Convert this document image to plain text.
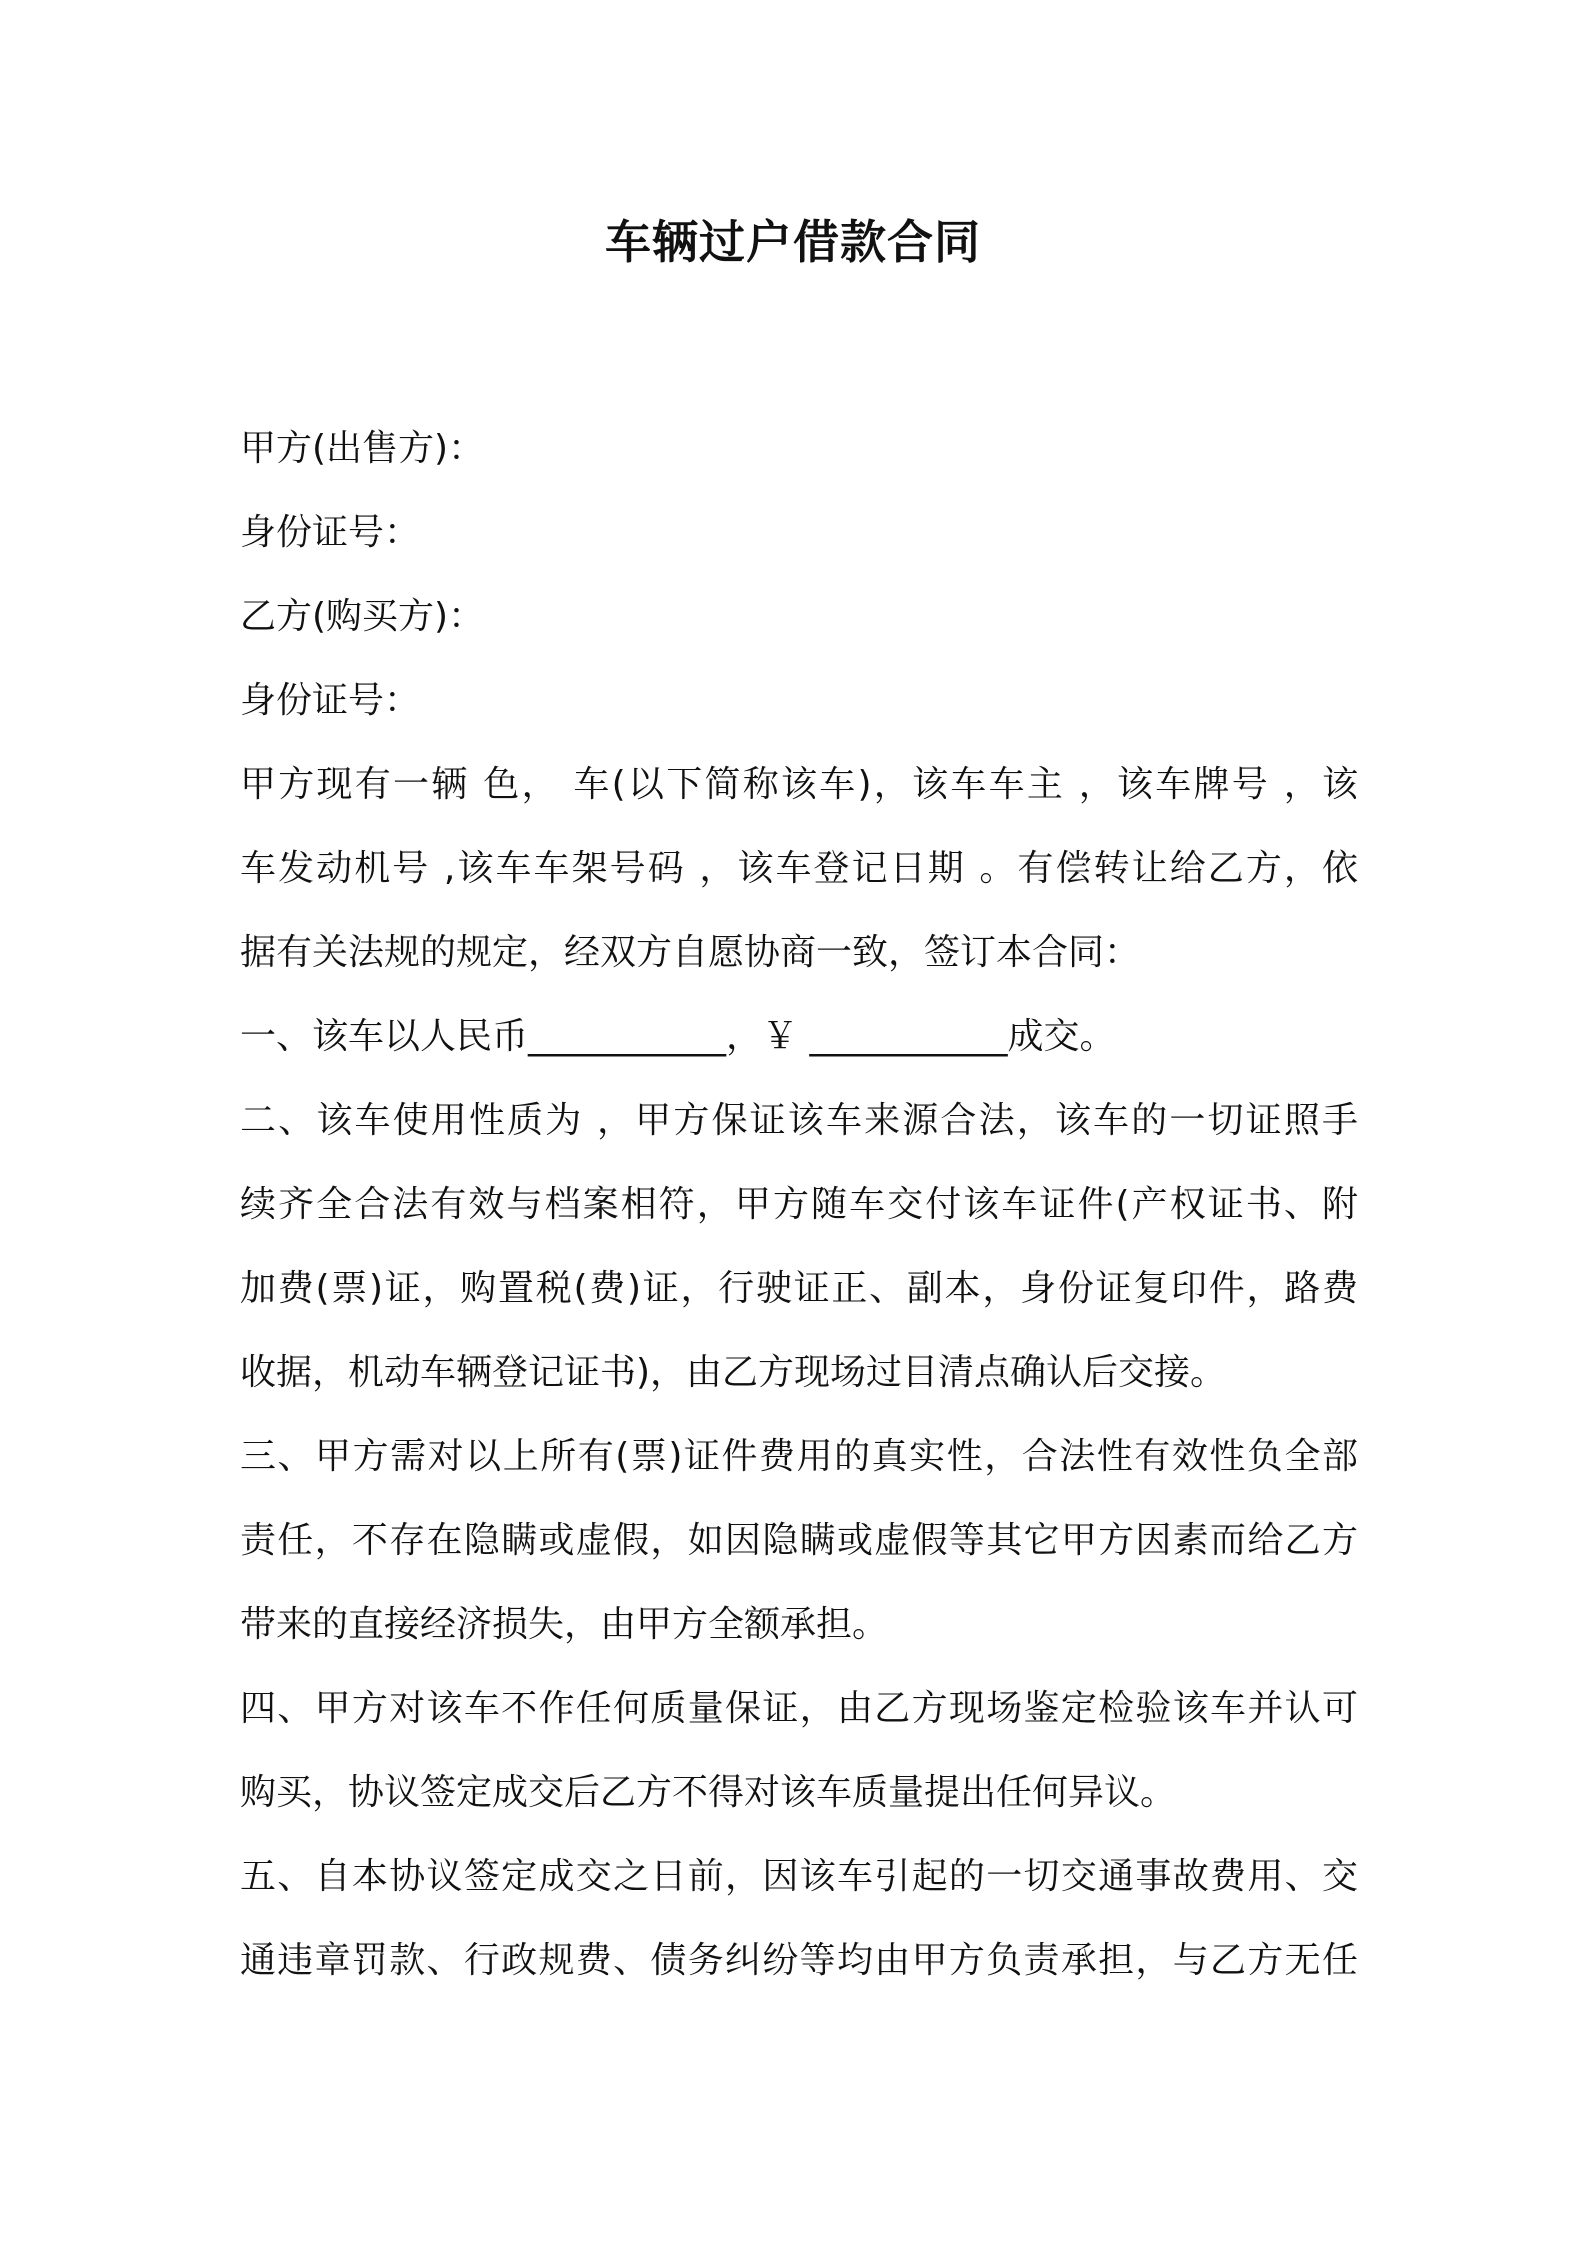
车辆过户借款合同
甲方(出售方)：
身份证号：
乙方(购买方)：
身份证号：
甲方现有一辆 色， 车(以下简称该车)，该车车主 ，该车牌号 ，该
车发动机号 ,该车车架号码 ，该车登记日期 。有偿转让给乙方，依
据有关法规的规定，经双方自愿协商一致，签订本合同：
一、该车以人民币___________，￥ ___________成交。
二、该车使用性质为 ，甲方保证该车来源合法，该车的一切证照手
续齐全合法有效与档案相符，甲方随车交付该车证件(产权证书、附
加费(票)证，购置税(费)证，行驶证正、副本，身份证复印件，路费
收据，机动车辆登记证书)，由乙方现场过目清点确认后交接。
三、甲方需对以上所有(票)证件费用的真实性，合法性有效性负全部
责任，不存在隐瞒或虚假，如因隐瞒或虚假等其它甲方因素而给乙方
带来的直接经济损失，由甲方全额承担。
四、甲方对该车不作任何质量保证，由乙方现场鉴定检验该车并认可
购买，协议签定成交后乙方不得对该车质量提出任何异议。
五、自本协议签定成交之日前，因该车引起的一切交通事故费用、交
通违章罚款、行政规费、债务纠纷等均由甲方负责承担，与乙方无任
